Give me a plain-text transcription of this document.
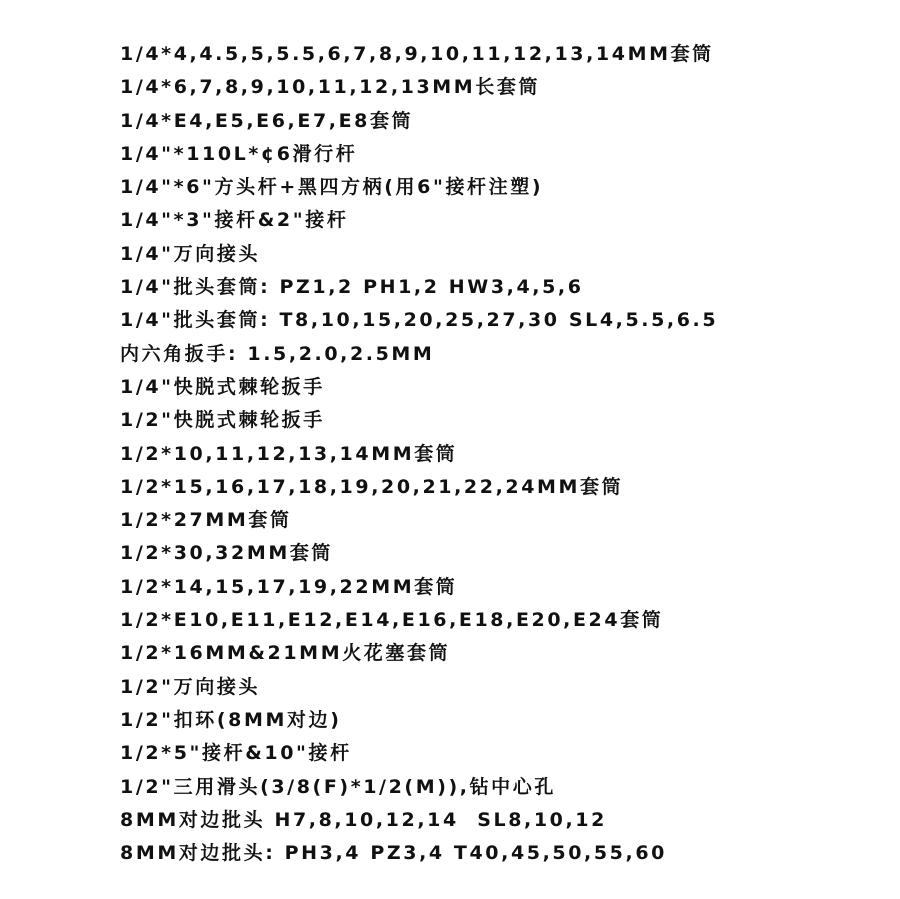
1/4*4,4.5,5,5.5,6,7,8,9,10,11,12,13,14MM套筒
1/4*6,7,8,9,10,11,12,13MM长套筒
1/4*E4,E5,E6,E7,E8套筒
1/4"*110L*¢6滑行杆
1/4"*6"方头杆+黑四方柄(用6"接杆注塑)
1/4"*3"接杆&2"接杆
1/4"万向接头
1/4"批头套筒: PZ1,2 PH1,2 HW3,4,5,6
1/4"批头套筒: T8,10,15,20,25,27,30 SL4,5.5,6.5
内六角扳手: 1.5,2.0,2.5MM
1/4"快脱式棘轮扳手
1/2"快脱式棘轮扳手
1/2*10,11,12,13,14MM套筒
1/2*15,16,17,18,19,20,21,22,24MM套筒
1/2*27MM套筒
1/2*30,32MM套筒
1/2*14,15,17,19,22MM套筒
1/2*E10,E11,E12,E14,E16,E18,E20,E24套筒
1/2*16MM&21MM火花塞套筒
1/2"万向接头
1/2"扣环(8MM对边)
1/2*5"接杆&10"接杆
1/2"三用滑头(3/8(F)*1/2(M)),钻中心孔
8MM对边批头 H7,8,10,12,14  SL8,10,12
8MM对边批头: PH3,4 PZ3,4 T40,45,50,55,60
